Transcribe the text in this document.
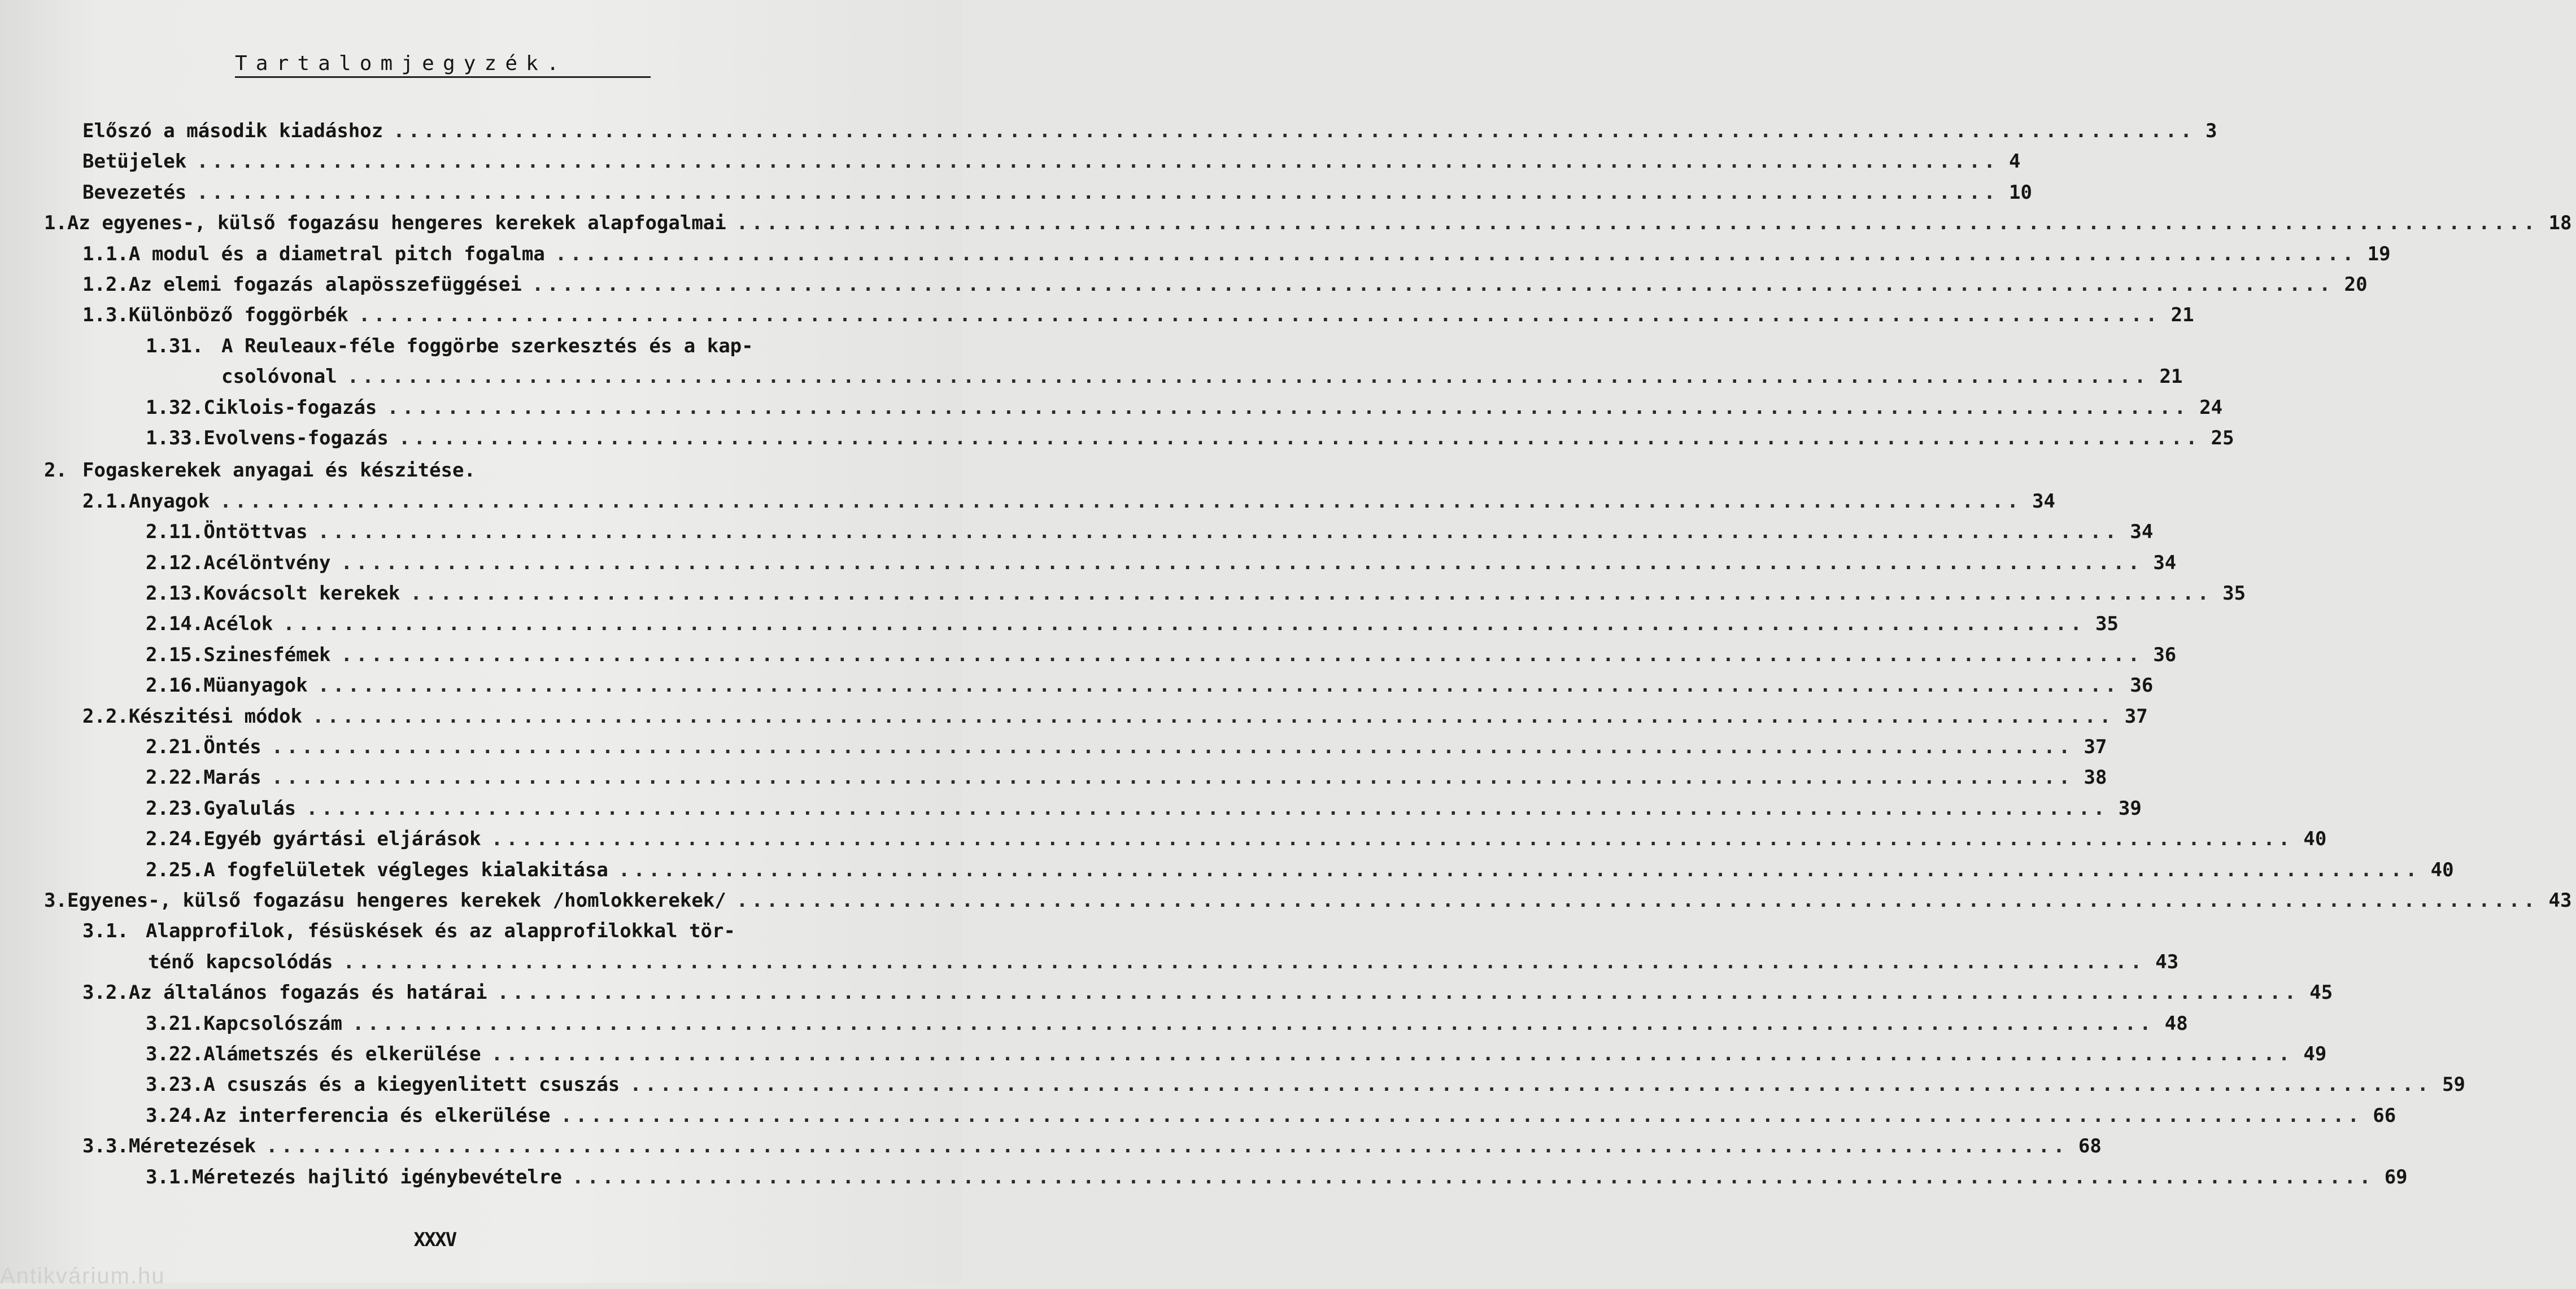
Tartalomjegyzék.
Előszó a második kiadáshoz ........................................................................................................................ 3
Betüjelek ........................................................................................................................ 4
Bevezetés ........................................................................................................................ 10
1. Az egyenes-, külső fogazásu hengeres kerekek alapfogalmai ........................................................................................................................ 18
1.1. A modul és a diametral pitch fogalma ........................................................................................................................ 19
1.2. Az elemi fogazás alapösszefüggései ........................................................................................................................ 20
1.3. Különböző foggörbék ........................................................................................................................ 21
1.31. A Reuleaux-féle foggörbe szerkesztés és a kap-
csolóvonal ........................................................................................................................ 21
1.32. Ciklois-fogazás ........................................................................................................................ 24
1.33. Evolvens-fogazás ........................................................................................................................ 25
2. Fogaskerekek anyagai és készitése.
2.1. Anyagok ........................................................................................................................ 34
2.11. Öntöttvas ........................................................................................................................ 34
2.12. Acélöntvény ........................................................................................................................ 34
2.13. Kovácsolt kerekek ........................................................................................................................ 35
2.14. Acélok ........................................................................................................................ 35
2.15. Szinesfémek ........................................................................................................................ 36
2.16. Müanyagok ........................................................................................................................ 36
2.2. Készitési módok ........................................................................................................................ 37
2.21. Öntés ........................................................................................................................ 37
2.22. Marás ........................................................................................................................ 38
2.23. Gyalulás ........................................................................................................................ 39
2.24. Egyéb gyártási eljárások ........................................................................................................................ 40
2.25. A fogfelületek végleges kialakitása ........................................................................................................................ 40
3. Egyenes-, külső fogazásu hengeres kerekek /homlokkerekek/ ........................................................................................................................ 43
3.1. Alapprofilok, fésüskések és az alapprofilokkal tör-
ténő kapcsolódás ........................................................................................................................ 43
3.2. Az általános fogazás és határai ........................................................................................................................ 45
3.21. Kapcsolószám ........................................................................................................................ 48
3.22. Alámetszés és elkerülése ........................................................................................................................ 49
3.23. A csuszás és a kiegyenlitett csuszás ........................................................................................................................ 59
3.24. Az interferencia és elkerülése ........................................................................................................................ 66
3.3. Méretezések ........................................................................................................................ 68
3.1. Méretezés hajlitó igénybevételre ........................................................................................................................ 69
XXXV
Antikvárium.hu
